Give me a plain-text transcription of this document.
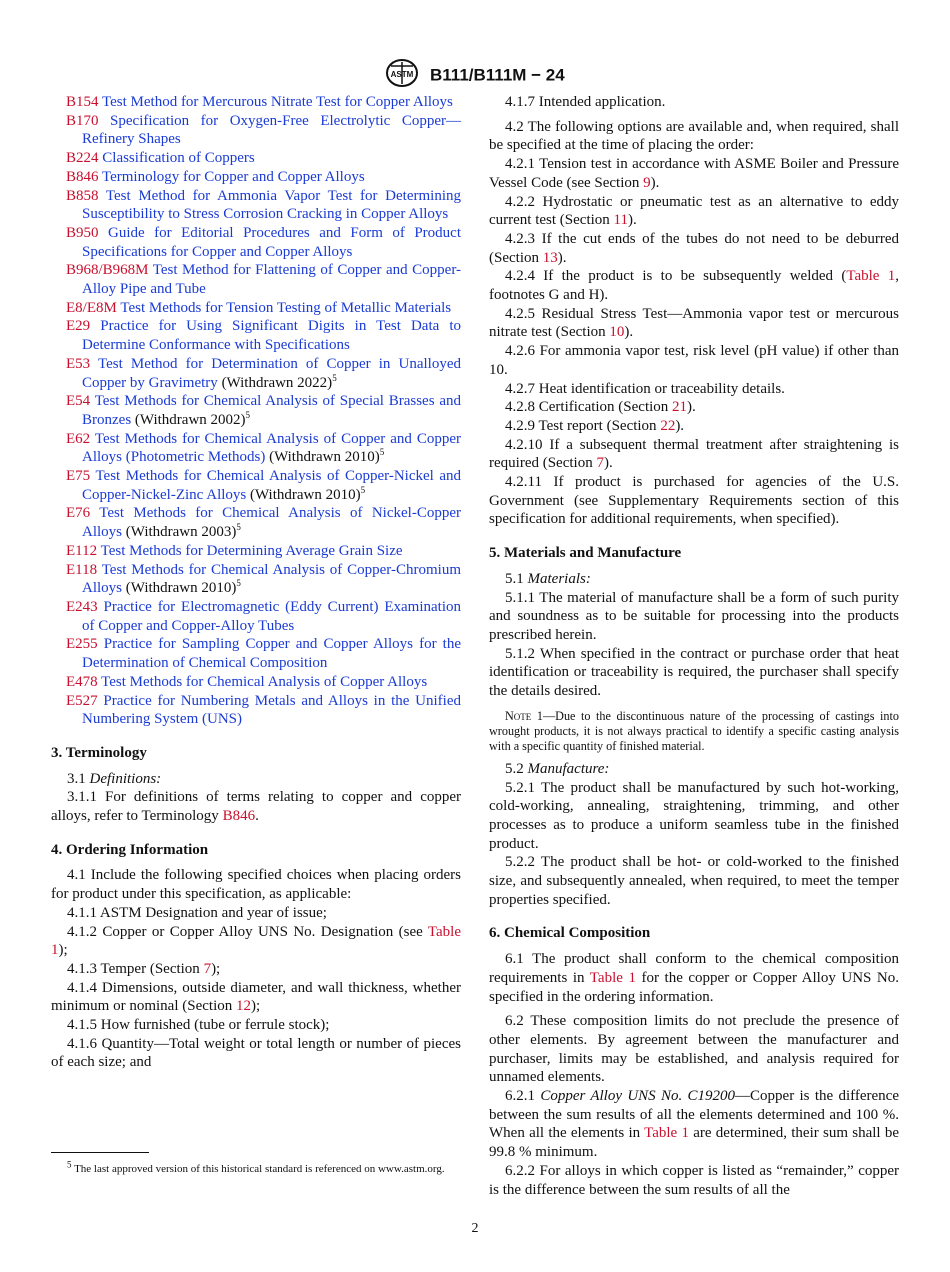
ASTM B111/B111M − 24
B154 Test Method for Mercurous Nitrate Test for Copper Alloys
B170 Specification for Oxygen-Free Electrolytic Copper—Refinery Shapes
B224 Classification of Coppers
B846 Terminology for Copper and Copper Alloys
B858 Test Method for Ammonia Vapor Test for Determining Susceptibility to Stress Corrosion Cracking in Copper Alloys
B950 Guide for Editorial Procedures and Form of Product Specifications for Copper and Copper Alloys
B968/B968M Test Method for Flattening of Copper and Copper-Alloy Pipe and Tube
E8/E8M Test Methods for Tension Testing of Metallic Materials
E29 Practice for Using Significant Digits in Test Data to Determine Conformance with Specifications
E53 Test Method for Determination of Copper in Unalloyed Copper by Gravimetry (Withdrawn 2022)$^5$
E54 Test Methods for Chemical Analysis of Special Brasses and Bronzes (Withdrawn 2002)$^5$
E62 Test Methods for Chemical Analysis of Copper and Copper Alloys (Photometric Methods) (Withdrawn 2010)$^5$
E75 Test Methods for Chemical Analysis of Copper-Nickel and Copper-Nickel-Zinc Alloys (Withdrawn 2010)$^5$
E76 Test Methods for Chemical Analysis of Nickel-Copper Alloys (Withdrawn 2003)$^5$
E112 Test Methods for Determining Average Grain Size
E118 Test Methods for Chemical Analysis of Copper-Chromium Alloys (Withdrawn 2010)$^5$
E243 Practice for Electromagnetic (Eddy Current) Examination of Copper and Copper-Alloy Tubes
E255 Practice for Sampling Copper and Copper Alloys for the Determination of Chemical Composition
E478 Test Methods for Chemical Analysis of Copper Alloys
E527 Practice for Numbering Metals and Alloys in the Unified Numbering System (UNS)
3. Terminology

3.1 Definitions:

3.1.1 For definitions of terms relating to copper and copper alloys, refer to Terminology B846.

4. Ordering Information

4.1 Include the following specified choices when placing orders for product under this specification, as applicable:

4.1.1 ASTM Designation and year of issue;

4.1.2 Copper or Copper Alloy UNS No. Designation (see Table 1);

4.1.3 Temper (Section 7);

4.1.4 Dimensions, outside diameter, and wall thickness, whether minimum or nominal (Section 12);

4.1.5 How furnished (tube or ferrule stock);

4.1.6 Quantity—Total weight or total length or number of pieces of each size; and

$^5$ The last approved version of this historical standard is referenced on www.astm.org.

4.1.7 Intended application.

4.2 The following options are available and, when required, shall be specified at the time of placing the order:

4.2.1 Tension test in accordance with ASME Boiler and Pressure Vessel Code (see Section 9).

4.2.2 Hydrostatic or pneumatic test as an alternative to eddy current test (Section 11).

4.2.3 If the cut ends of the tubes do not need to be deburred (Section 13).

4.2.4 If the product is to be subsequently welded (Table 1, footnotes G and H).

4.2.5 Residual Stress Test—Ammonia vapor test or mercurous nitrate test (Section 10).

4.2.6 For ammonia vapor test, risk level (pH value) if other than 10.

4.2.7 Heat identification or traceability details.

4.2.8 Certification (Section 21).

4.2.9 Test report (Section 22).

4.2.10 If a subsequent thermal treatment after straightening is required (Section 7).

4.2.11 If product is purchased for agencies of the U.S. Government (see Supplementary Requirements section of this specification for additional requirements, when specified).

5. Materials and Manufacture

5.1 Materials:

5.1.1 The material of manufacture shall be a form of such purity and soundness as to be suitable for processing into the products prescribed herein.

5.1.2 When specified in the contract or purchase order that heat identification or traceability is required, the purchaser shall specify the details desired.

Note 1—Due to the discontinuous nature of the processing of castings into wrought products, it is not always practical to identify a specific casting analysis with a specific quantity of finished material.

5.2 Manufacture:

5.2.1 The product shall be manufactured by such hot-working, cold-working, annealing, straightening, trimming, and other processes as to produce a uniform seamless tube in the finished product.

5.2.2 The product shall be hot- or cold-worked to the finished size, and subsequently annealed, when required, to meet the temper properties specified.

6. Chemical Composition

6.1 The product shall conform to the chemical composition requirements in Table 1 for the copper or Copper Alloy UNS No. specified in the ordering information.

6.2 These composition limits do not preclude the presence of other elements. By agreement between the manufacturer and purchaser, limits may be established, and analysis required for unnamed elements.

6.2.1 Copper Alloy UNS No. C19200—Copper is the difference between the sum results of all the elements determined and 100 %. When all the elements in Table 1 are determined, their sum shall be 99.8 % minimum.

6.2.2 For alloys in which copper is listed as “remainder,” copper is the difference between the sum results of all the

2
